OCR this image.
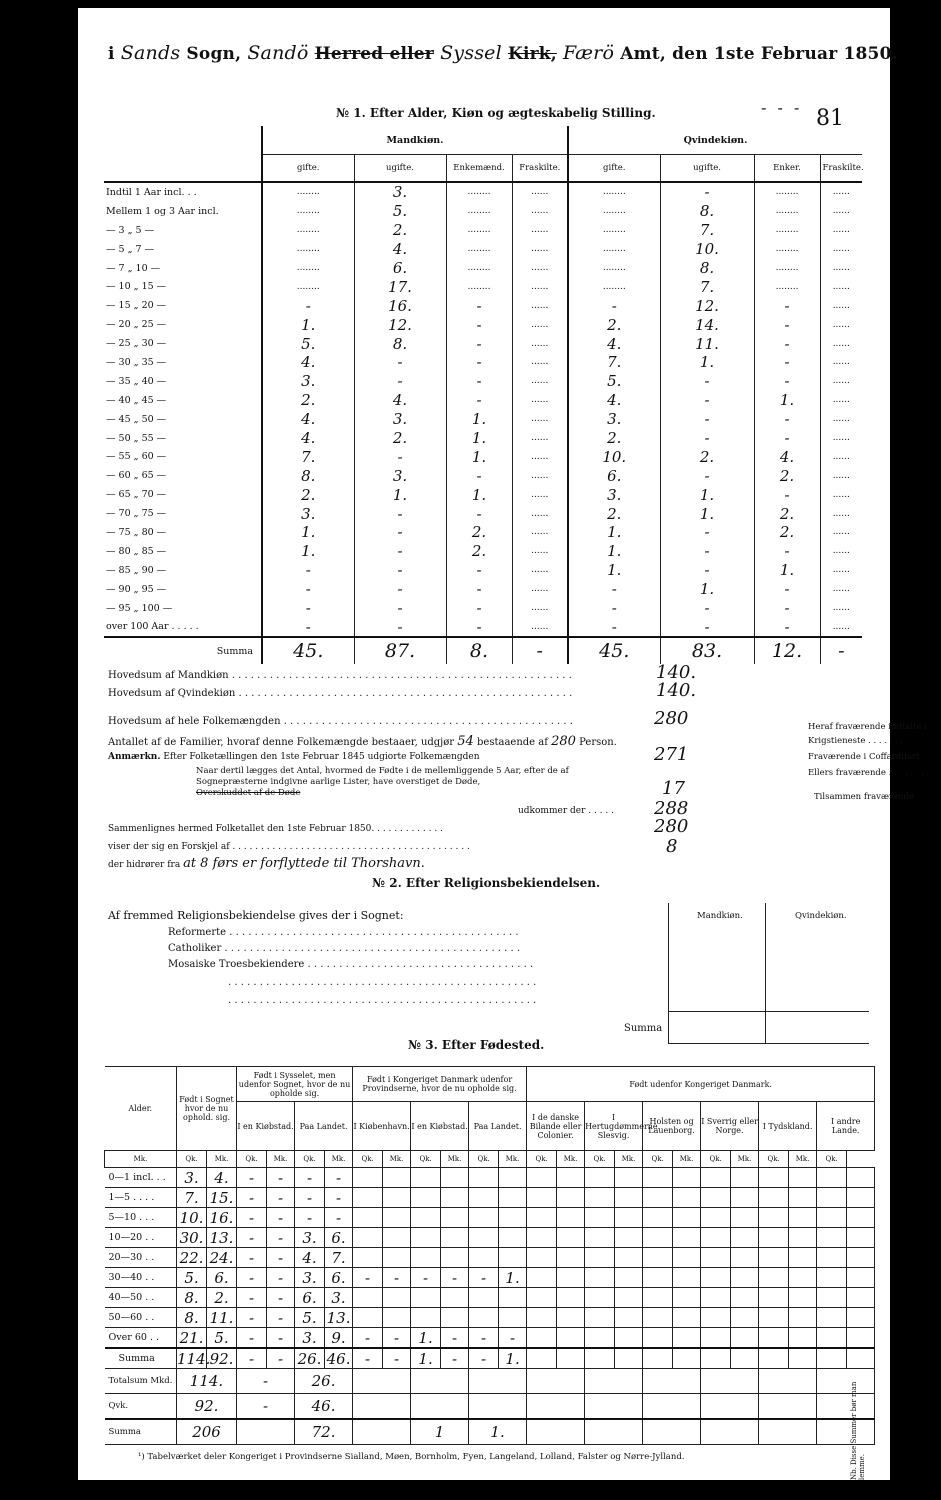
i Sands Sogn, Sandö Herred eller Syssel Kirk, Færö Amt, den 1ste Februar 1850.
- - - 81
№ 1. Efter Alder, Kiøn og ægteskabelig Stilling.
	Mandkiøn.				Qvindekiøn.			
	gifte.	ugifte.	Enkemænd.	Fraskilte.	gifte.	ugifte.	Enker.	Fraskilte.
Indtil 1 Aar incl. . .	........	3.	........	......	........	-	........	......
Mellem 1 og 3 Aar incl.	........	5.	........	......	........	8.	........	......
— 3 „ 5 —	........	2.	........	......	........	7.	........	......
— 5 „ 7 —	........	4.	........	......	........	10.	........	......
— 7 „ 10 —	........	6.	........	......	........	8.	........	......
— 10 „ 15 —	........	17.	........	......	........	7.	........	......
— 15 „ 20 —	-	16.	-	......	-	12.	-	......
— 20 „ 25 —	1.	12.	-	......	2.	14.	-	......
— 25 „ 30 —	5.	8.	-	......	4.	11.	-	......
— 30 „ 35 —	4.	-	-	......	7.	1.	-	......
— 35 „ 40 —	3.	-	-	......	5.	-	-	......
— 40 „ 45 —	2.	4.	-	......	4.	-	1.	......
— 45 „ 50 —	4.	3.	1.	......	3.	-	-	......
— 50 „ 55 —	4.	2.	1.	......	2.	-	-	......
— 55 „ 60 —	7.	-	1.	......	10.	2.	4.	......
— 60 „ 65 —	8.	3.	-	......	6.	-	2.	......
— 65 „ 70 —	2.	1.	1.	......	3.	1.	-	......
— 70 „ 75 —	3.	-	-	......	2.	1.	2.	......
— 75 „ 80 —	1.	-	2.	......	1.	-	2.	......
— 80 „ 85 —	1.	-	2.	......	1.	-	-	......
— 85 „ 90 —	-	-	-	......	1.	-	1.	......
— 90 „ 95 —	-	-	-	......	-	1.	-	......
— 95 „ 100 —	-	-	-	......	-	-	-	......
over 100 Aar . . . . .	-	-	-	......	-	-	-	......
Summa	45.	87.	8.	-	45.	83.	12.	-
Hovedsum af Mandkiøn . . . . . . . . . . . . . . . . . . . . . . . . . . . . . . . . . . . . . . . . . . . . . . . . . . . . . .	140.
Hovedsum af Qvindekiøn . . . . . . . . . . . . . . . . . . . . . . . . . . . . . . . . . . . . . . . . . . . . . . . . . . . . .	140.
Hovedsum af hele Folkemængden . . . . . . . . . . . . . . . . . . . . . . . . . . . . . . . . . . . . . . . . . . . . . .	280
Antallet af de Familier, hvoraf denne Folkemængde bestaaer, udgjør 54 bestaaende af 280 Person.
Anmærkn. Efter Folketællingen den 1ste Februar 1845 udgiorte Folkemængden	271
Naar dertil lægges det Antal, hvormed de Fødte i de mellemliggende 5 Aar, efter de af
Sognepræsterne indgivne aarlige Lister, have overstiget de Døde,
Overskuddet af de Døde	17
udkommer der . . . . . 288
Sammenlignes hermed Folketallet den 1ste Februar 1850. . . . . . . . . . . . .	280
viser der sig en Forskjel af . . . . . . . . . . . . . . . . . . . . . . . . . . . . . . . . . . . . . . . . . .	8
der hidrører fra at 8 førs er forflyttede til Thorshavn.
Heraf fraværende indtalte i
Krigstieneste . . . . . . . .
Fraværende i Coffardifart
Ellers fraværende . . . . . . . .
Tilsammen fraværende
№ 2. Efter Religionsbekiendelsen.
Af fremmed Religionsbekiendelse gives der i Sognet:
Reformerte . . . . . . . . . . . . . . . . . . . . . . . . . . . . . . . . . . . . . . . . . . . . . .
Catholiker . . . . . . . . . . . . . . . . . . . . . . . . . . . . . . . . . . . . . . . . . . . . . . .
Mosaiske Troesbekiendere . . . . . . . . . . . . . . . . . . . . . . . . . . . . . . . . . . . .
. . . . . . . . . . . . . . . . . . . . . . . . . . . . . . . . . . . . . . . . . . . . . . . . .
. . . . . . . . . . . . . . . . . . . . . . . . . . . . . . . . . . . . . . . . . . . . . . . . .
Mandkiøn.	Qvindekiøn.
Summa
№ 3. Efter Fødested.
Alder.	Født i Sognet hvor de nu ophold. sig.		Født i Sysselet, men udenfor Sognet, hvor de nu opholde sig.				Født i Kongeriget Danmark udenfor Provindserne, hvor de nu opholde sig.						Født udenfor Kongeriget Danmark.											

			I en Kiøbstad.		Paa Landet.		I Kiøbenhavn.		I en Kiøbstad.		Paa Landet.		I de danske Bilande eller Colonier.		I Hertugdømmerne.
Slesvig.		Holsten og Lauenborg.		I Sverrig eller Norge.		I Tydskland.		I andre Lande.	
Mk.	Qk.	Mk.	Qk.	Mk.	Qk.	Mk.	Qk.	Mk.	Qk.	Mk.	Qk.	Mk.	Qk.	Mk.	Qk.	Mk.	Qk.	Mk.	Qk.	Mk.	Qk.	Mk.	Qk.	
0—1 incl. . .	3.	4.	-	-	-	-																		
1—5 . . . .	7.	15.	-	-	-	-																		
5—10 . . .	10.	16.	-	-	-	-																		
10—20 . .	30.	13.	-	-	3.	6.																		
20—30 . .	22.	24.	-	-	4.	7.																		
30—40 . .	5.	6.	-	-	3.	6.	-	-	-	-	-	1.												
40—50 . .	8.	2.	-	-	6.	3.																		
50—60 . .	8.	11.	-	-	5.	13.																		
Over 60 . .	21.	5.	-	-	3.	9.	-	-	1.	-	-	-												
Summa	114.	92.	-	-	26.	46.	-	-	1.	-	-	1.												
Totalsum Mkd.	114.		-		26.																			
Qvk.	92.		-		46.																			
Summa	206				72.				1		1.													
¹) Tabelværket deler Kongeriget i Provindserne Sialland, Møen, Bornholm, Fyen, Langeland, Lolland, Falster og Nørre-Jylland.	Nb. Disse Summer bør man lemme.
